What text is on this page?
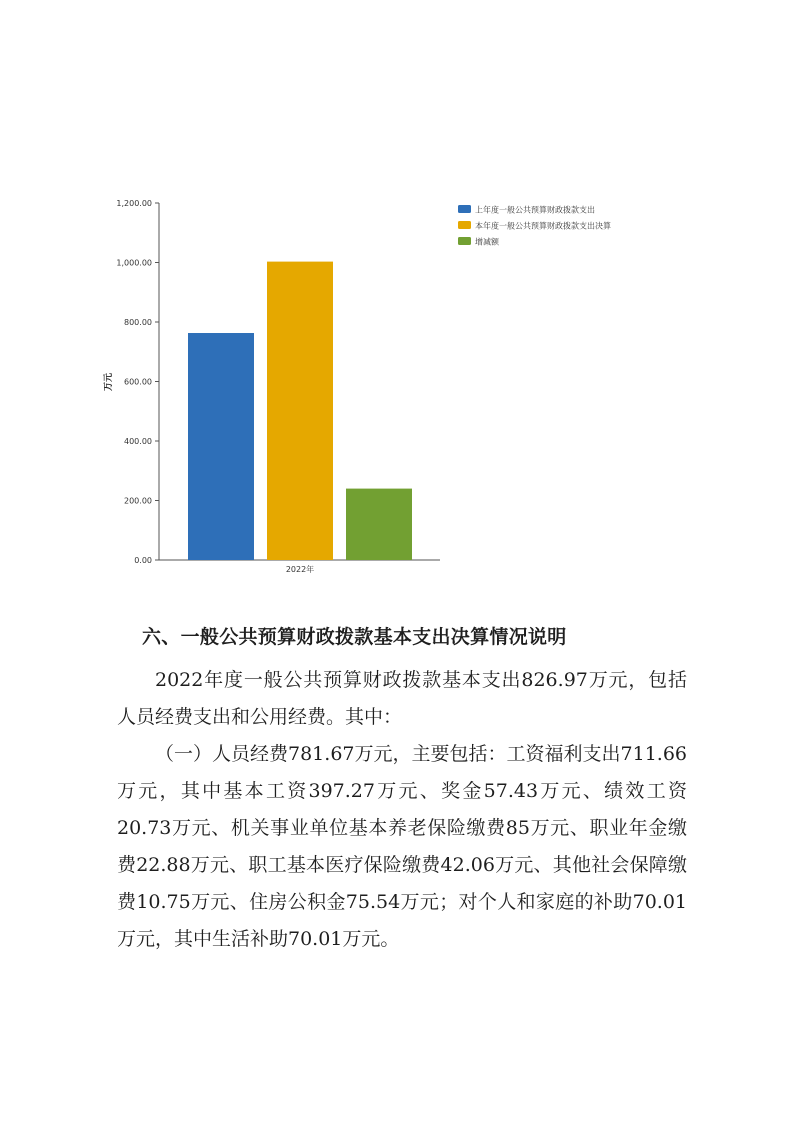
0.00
200.00
400.00
600.00
800.00
1,000.00
1,200.00
万元
2022年
上年度一般公共预算财政拨款支出
本年度一般公共预算财政拨款支出决算
增减额
六、一般公共预算财政拨款基本支出决算情况说明

2022年度一般公共预算财政拨款基本支出826.97万元，包括人员经费支出和公用经费。其中：

（一）人员经费781.67万元，主要包括：工资福利支出711.66万元，其中基本工资397.27万元、奖金57.43万元、绩效工资20.73万元、机关事业单位基本养老保险缴费85万元、职业年金缴费22.88万元、职工基本医疗保险缴费42.06万元、其他社会保障缴费10.75万元、住房公积金75.54万元；对个人和家庭的补助70.01万元，其中生活补助70.01万元。
